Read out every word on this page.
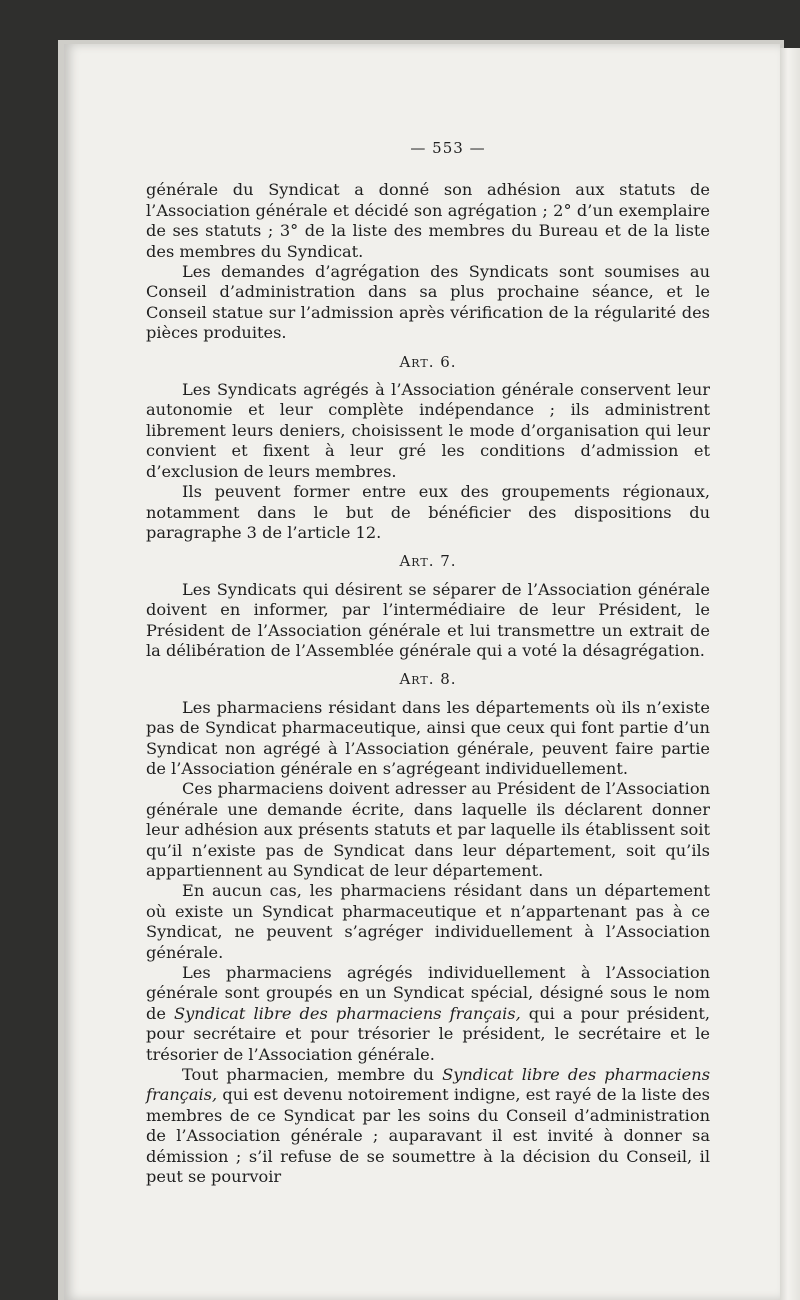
— 553 —

générale du Syndicat a donné son adhésion aux statuts de l’Association générale et décidé son agrégation ; 2° d’un exemplaire de ses statuts ; 3° de la liste des membres du Bureau et de la liste des membres du Syndicat.

Les demandes d’agrégation des Syndicats sont soumises au Conseil d’administration dans sa plus prochaine séance, et le Conseil statue sur l’admission après vérification de la régularité des pièces produites.

Art. 6.

Les Syndicats agrégés à l’Association générale conservent leur autonomie et leur complète indépendance ; ils administrent librement leurs deniers, choisissent le mode d’organisation qui leur convient et fixent à leur gré les conditions d’admission et d’exclusion de leurs membres.

Ils peuvent former entre eux des groupements régionaux, notamment dans le but de bénéficier des dispositions du paragraphe 3 de l’article 12.

Art. 7.

Les Syndicats qui désirent se séparer de l’Association générale doivent en informer, par l’intermédiaire de leur Président, le Président de l’Association générale et lui transmettre un extrait de la délibération de l’Assemblée générale qui a voté la désagrégation.

Art. 8.

Les pharmaciens résidant dans les départements où ils n’existe pas de Syndicat pharmaceutique, ainsi que ceux qui font partie d’un Syndicat non agrégé à l’Association générale, peuvent faire partie de l’Association générale en s’agrégeant individuellement.

Ces pharmaciens doivent adresser au Président de l’Association générale une demande écrite, dans laquelle ils déclarent donner leur adhésion aux présents statuts et par laquelle ils établissent soit qu’il n’existe pas de Syndicat dans leur département, soit qu’ils appartiennent au Syndicat de leur département.

En aucun cas, les pharmaciens résidant dans un département où existe un Syndicat pharmaceutique et n’appartenant pas à ce Syndicat, ne peuvent s’agréger individuellement à l’Association générale.

Les pharmaciens agrégés individuellement à l’Association générale sont groupés en un Syndicat spécial, désigné sous le nom de Syndicat libre des pharmaciens français, qui a pour président, pour secrétaire et pour trésorier le président, le secrétaire et le trésorier de l’Association générale.

Tout pharmacien, membre du Syndicat libre des pharmaciens français, qui est devenu notoirement indigne, est rayé de la liste des membres de ce Syndicat par les soins du Conseil d’administration de l’Association générale ; auparavant il est invité à donner sa démission ; s’il refuse de se soumettre à la décision du Conseil, il peut se pourvoir
